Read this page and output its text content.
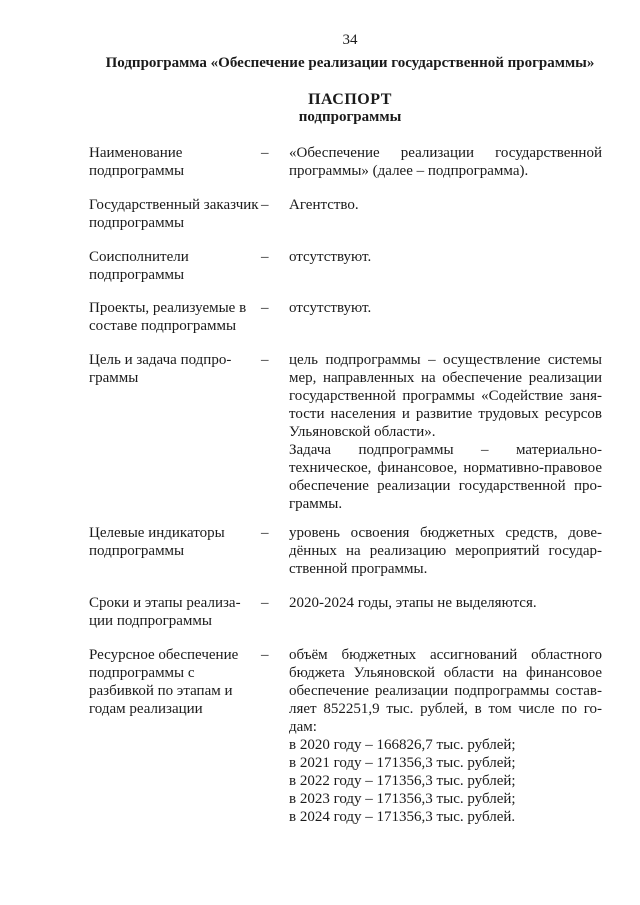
34
Подпрограмма «Обеспечение реализации государственной программы»
ПАСПОРТ
подпрограммы
Наименование подпрограммы
– «Обеспечение реализации государственной программы» (далее – подпрограмма).
Государственный заказчик подпрограммы
– Агентство.
Соисполнители подпрограммы
– отсутствуют.
Проекты, реализуемые в составе подпрограммы
– отсутствуют.
Цель и задача подпро-граммы
– цель подпрограммы – осуществление системы мер, направленных на обеспечение реализации государственной программы «Содействие заня-тости населения и развитие трудовых ресурсов Ульяновской области».

Задача подпрограммы – материально-техническое, финансовое, нормативно-правовое обеспечение реализации государственной про-граммы.

Целевые индикаторы подпрограммы
– уровень освоения бюджетных средств, дове-дённых на реализацию мероприятий государ-ственной программы.
Сроки и этапы реализа-ции подпрограммы
– 2020-2024 годы, этапы не выделяются.
Ресурсное обеспечение подпрограммы с разбивкой по этапам и годам реализации
– объём бюджетных ассигнований областного бюджета Ульяновской области на финансовое обеспечение реализации подпрограммы состав-ляет 852251,9 тыс. рублей, в том числе по го-дам:

в 2020 году – 166826,7 тыс. рублей;
в 2021 году – 171356,3 тыс. рублей;
в 2022 году – 171356,3 тыс. рублей;
в 2023 году – 171356,3 тыс. рублей;
в 2024 году – 171356,3 тыс. рублей.
